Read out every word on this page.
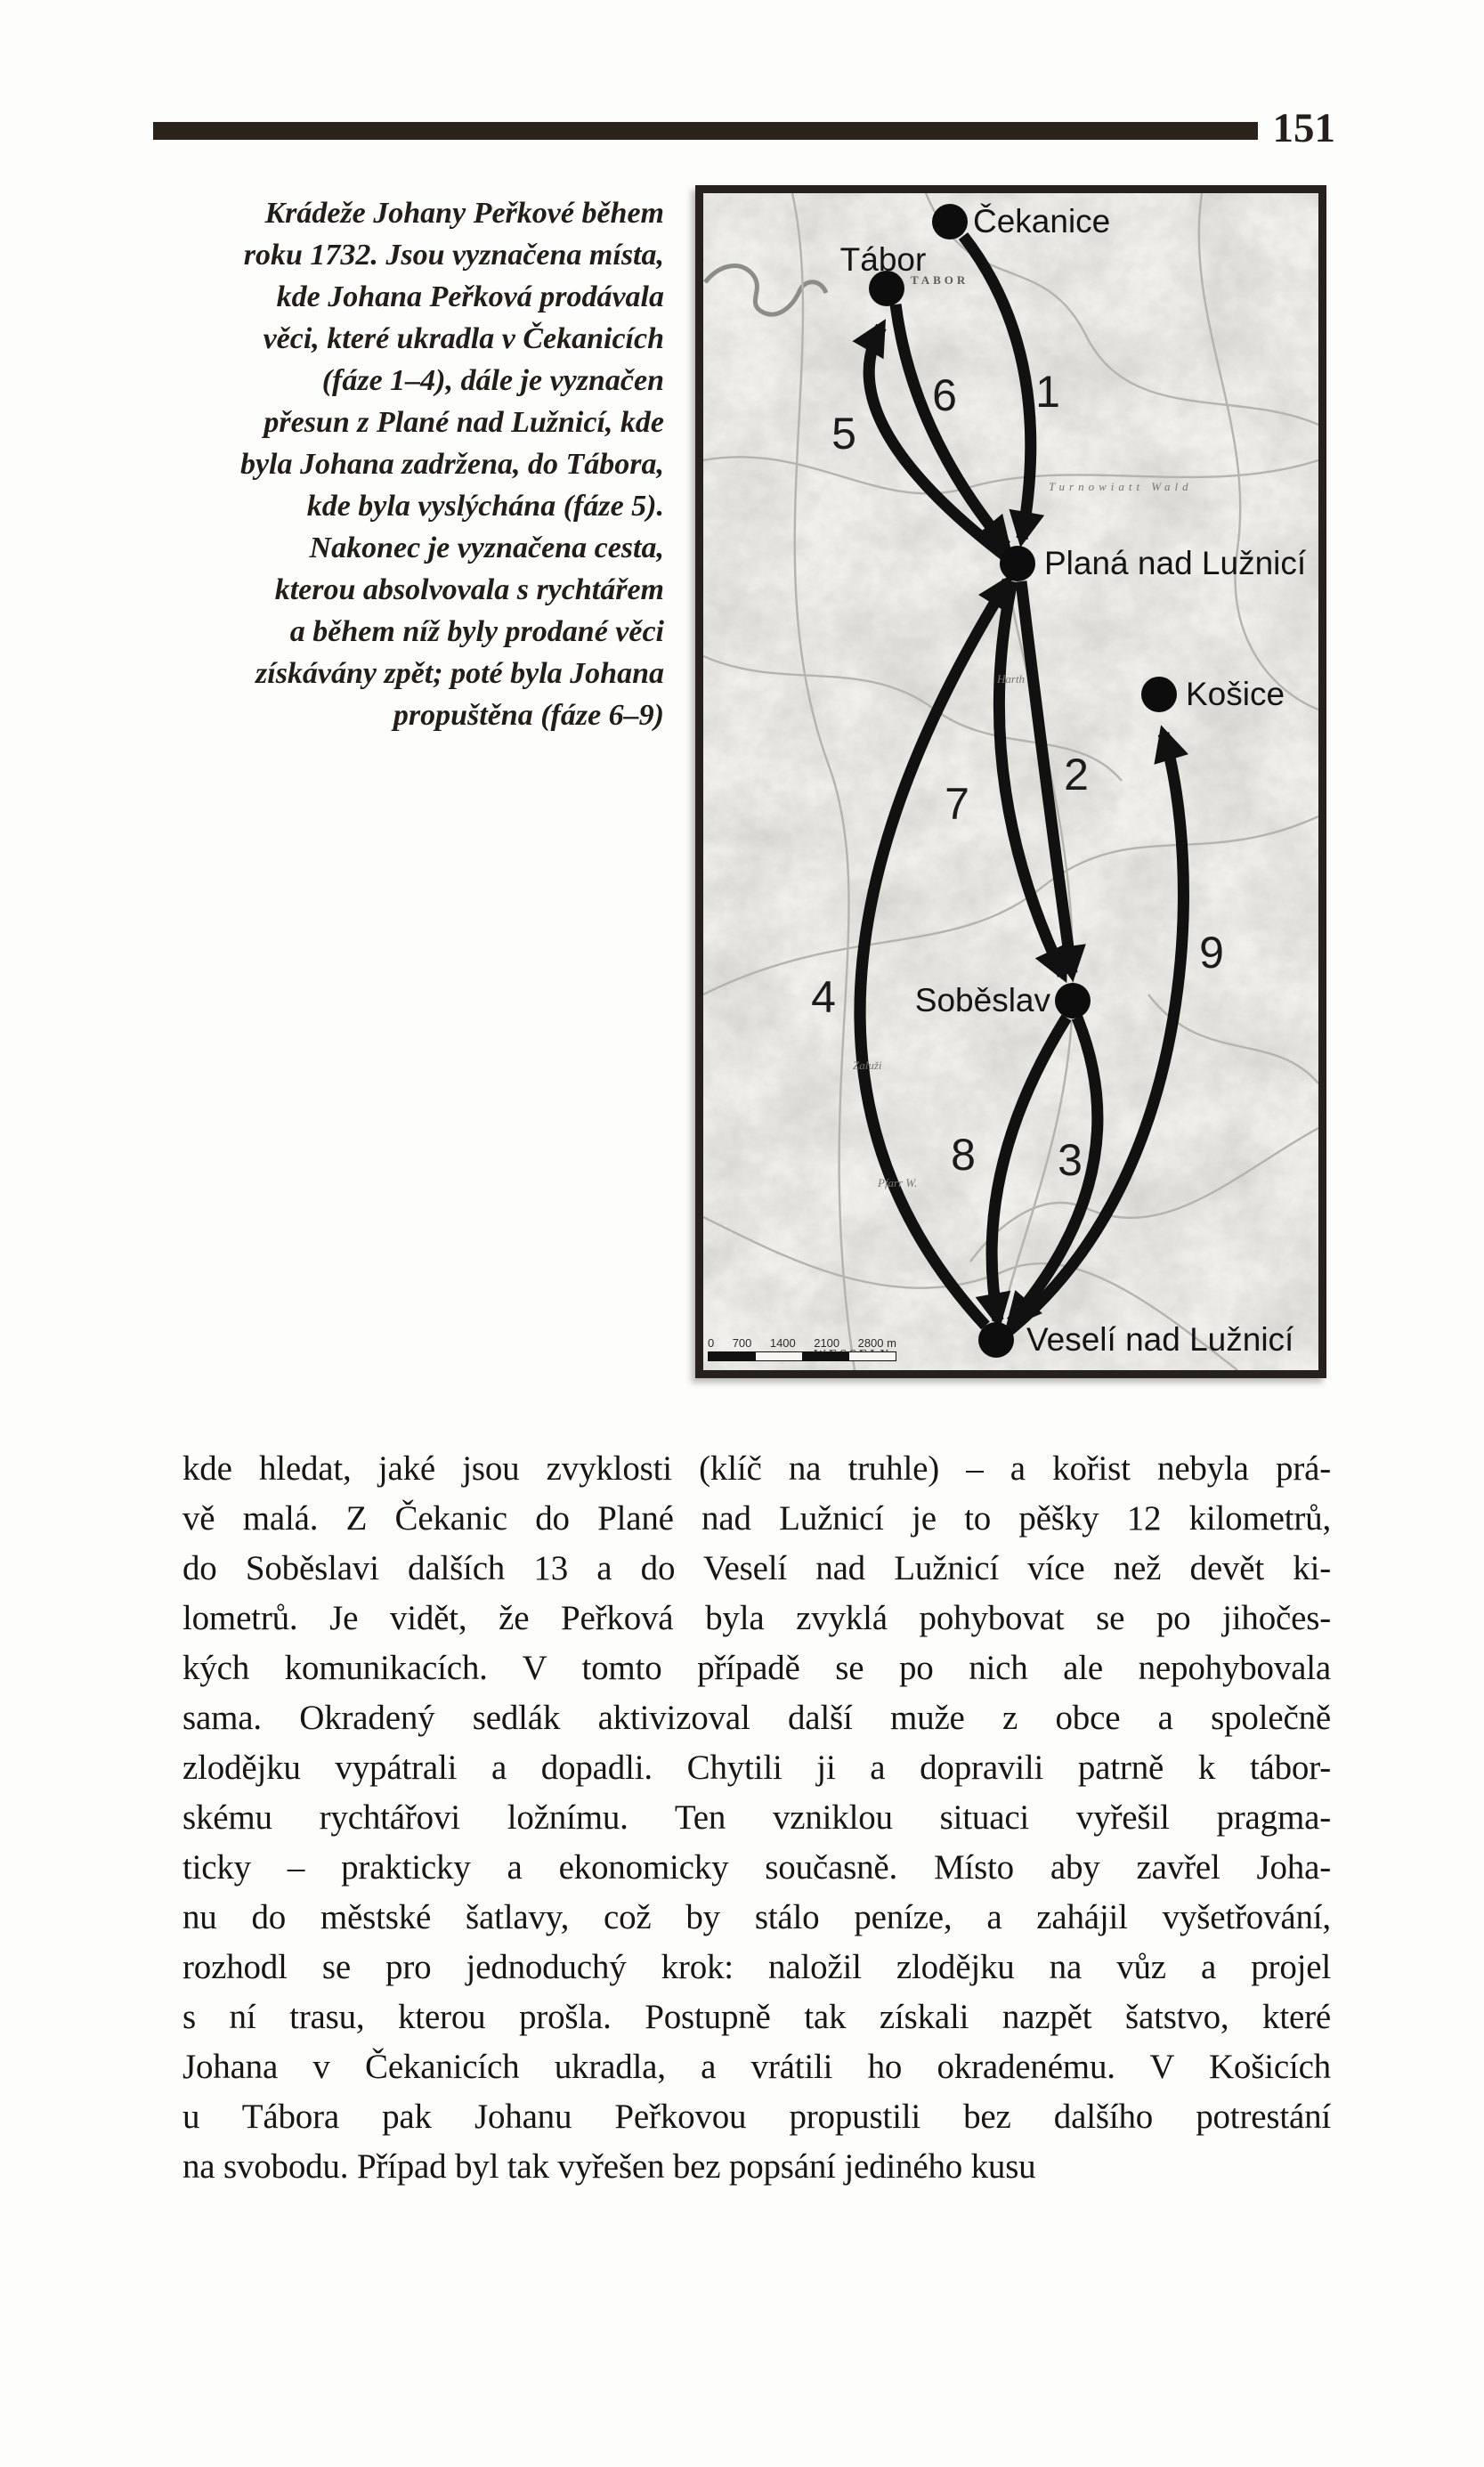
151
Krádeže Johany Peřkové během
roku 1732. Jsou vyznačena místa,
kde Johana Peřková prodávala
věci, které ukradla v Čekanicích
(fáze 1–4), dále je vyznačen
přesun z Plané nad Lužnicí, kde
byla Johana zadržena, do Tábora,
kde byla vyslýchána (fáze 5).
Nakonec je vyznačena cesta,
kterou absolvovala s rychtářem
a během níž byly prodané věci
získávány zpět; poté byla Johana
propuštěna (fáze 6–9)
TABOR
Turnowiatt Wald
Pfarr W.
Zaluži
Harth
Čekanice
Tábor
Planá nad Lužnicí
Košice
Soběslav
Veselí nad Lužnicí
1
2
3
4
5
6
7
8
9
0 700 1400 2100 2800 m
kde hledat, jaké jsou zvyklosti (klíč na truhle) – a kořist nebyla prá-
vě malá. Z Čekanic do Plané nad Lužnicí je to pěšky 12 kilometrů,
do Soběslavi dalších 13 a do Veselí nad Lužnicí více než devět ki-
lometrů. Je vidět, že Peřková byla zvyklá pohybovat se po jihočes-
kých komunikacích. V tomto případě se po nich ale nepohybovala
sama. Okradený sedlák aktivizoval další muže z obce a společně
zlodějku vypátrali a dopadli. Chytili ji a dopravili patrně k tábor-
skému rychtářovi ložnímu. Ten vzniklou situaci vyřešil pragma-
ticky – prakticky a ekonomicky současně. Místo aby zavřel Joha-
nu do městské šatlavy, což by stálo peníze, a zahájil vyšetřování,
rozhodl se pro jednoduchý krok: naložil zlodějku na vůz a projel
s ní trasu, kterou prošla. Postupně tak získali nazpět šatstvo, které
Johana v Čekanicích ukradla, a vrátili ho okradenému. V Košicích
u Tábora pak Johanu Peřkovou propustili bez dalšího potrestání
na svobodu. Případ byl tak vyřešen bez popsání jediného kusu
